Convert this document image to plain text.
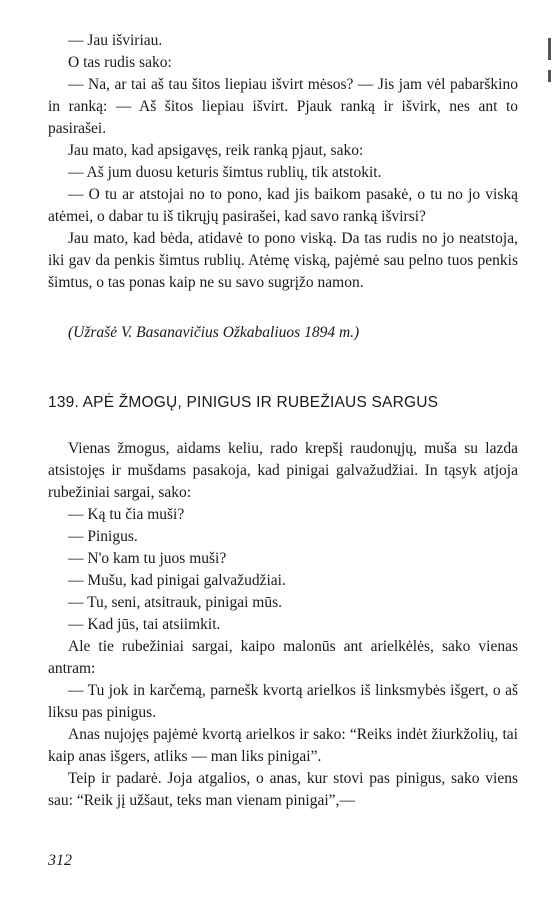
— Jau išviriau.

O tas rudis sako:

— Na, ar tai aš tau šitos liepiau išvirt mėsos? — Jis jam vėl pabarškino in ranką: — Aš šitos liepiau išvirt. Pjauk ranką ir išvirk, nes ant to pasirašei.

Jau mato, kad apsigavęs, reik ranką pjaut, sako:

— Aš jum duosu keturis šimtus rublių, tik atstokit.

— O tu ar atstojai no to pono, kad jis baikom pasakė, o tu no jo viską atėmei, o dabar tu iš tikrųjų pasirašei, kad savo ranką išvirsi?

Jau mato, kad bėda, atidavė to pono viską. Da tas rudis no jo neatstoja, iki gav da penkis šimtus rublių. Atėmę viską, pajėmė sau pelno tuos penkis šimtus, o tas ponas kaip ne su savo sugrįžo namon.

(Užrašė V. Basanavičius Ožkabaliuos 1894 m.)

139. APĖ ŽMOGŲ, PINIGUS IR RUBEŽIAUS SARGUS

Vienas žmogus, aidams keliu, rado krepšį raudonųjų, muša su lazda atsistojęs ir mušdams pasakoja, kad pinigai galvažudžiai. In tąsyk atjoja rubežiniai sargai, sako:

— Ką tu čia muši?

— Pinigus.

— N'o kam tu juos muši?

— Mušu, kad pinigai galvažudžiai.

— Tu, seni, atsitrauk, pinigai mūs.

— Kad jūs, tai atsiimkit.

Ale tie rubežiniai sargai, kaipo malonūs ant arielkėlės, sako vienas antram:

— Tu jok in karčemą, parnešk kvortą arielkos iš linksmybės išgert, o aš liksu pas pinigus.

Anas nujojęs pajėmė kvortą arielkos ir sako: “Reiks indėt žiurkžolių, tai kaip anas išgers, atliks — man liks pinigai”.

Teip ir padarė. Joja atgalios, o anas, kur stovi pas pinigus, sako viens sau: “Reik jį užšaut, teks man vienam pinigai”,—

312
